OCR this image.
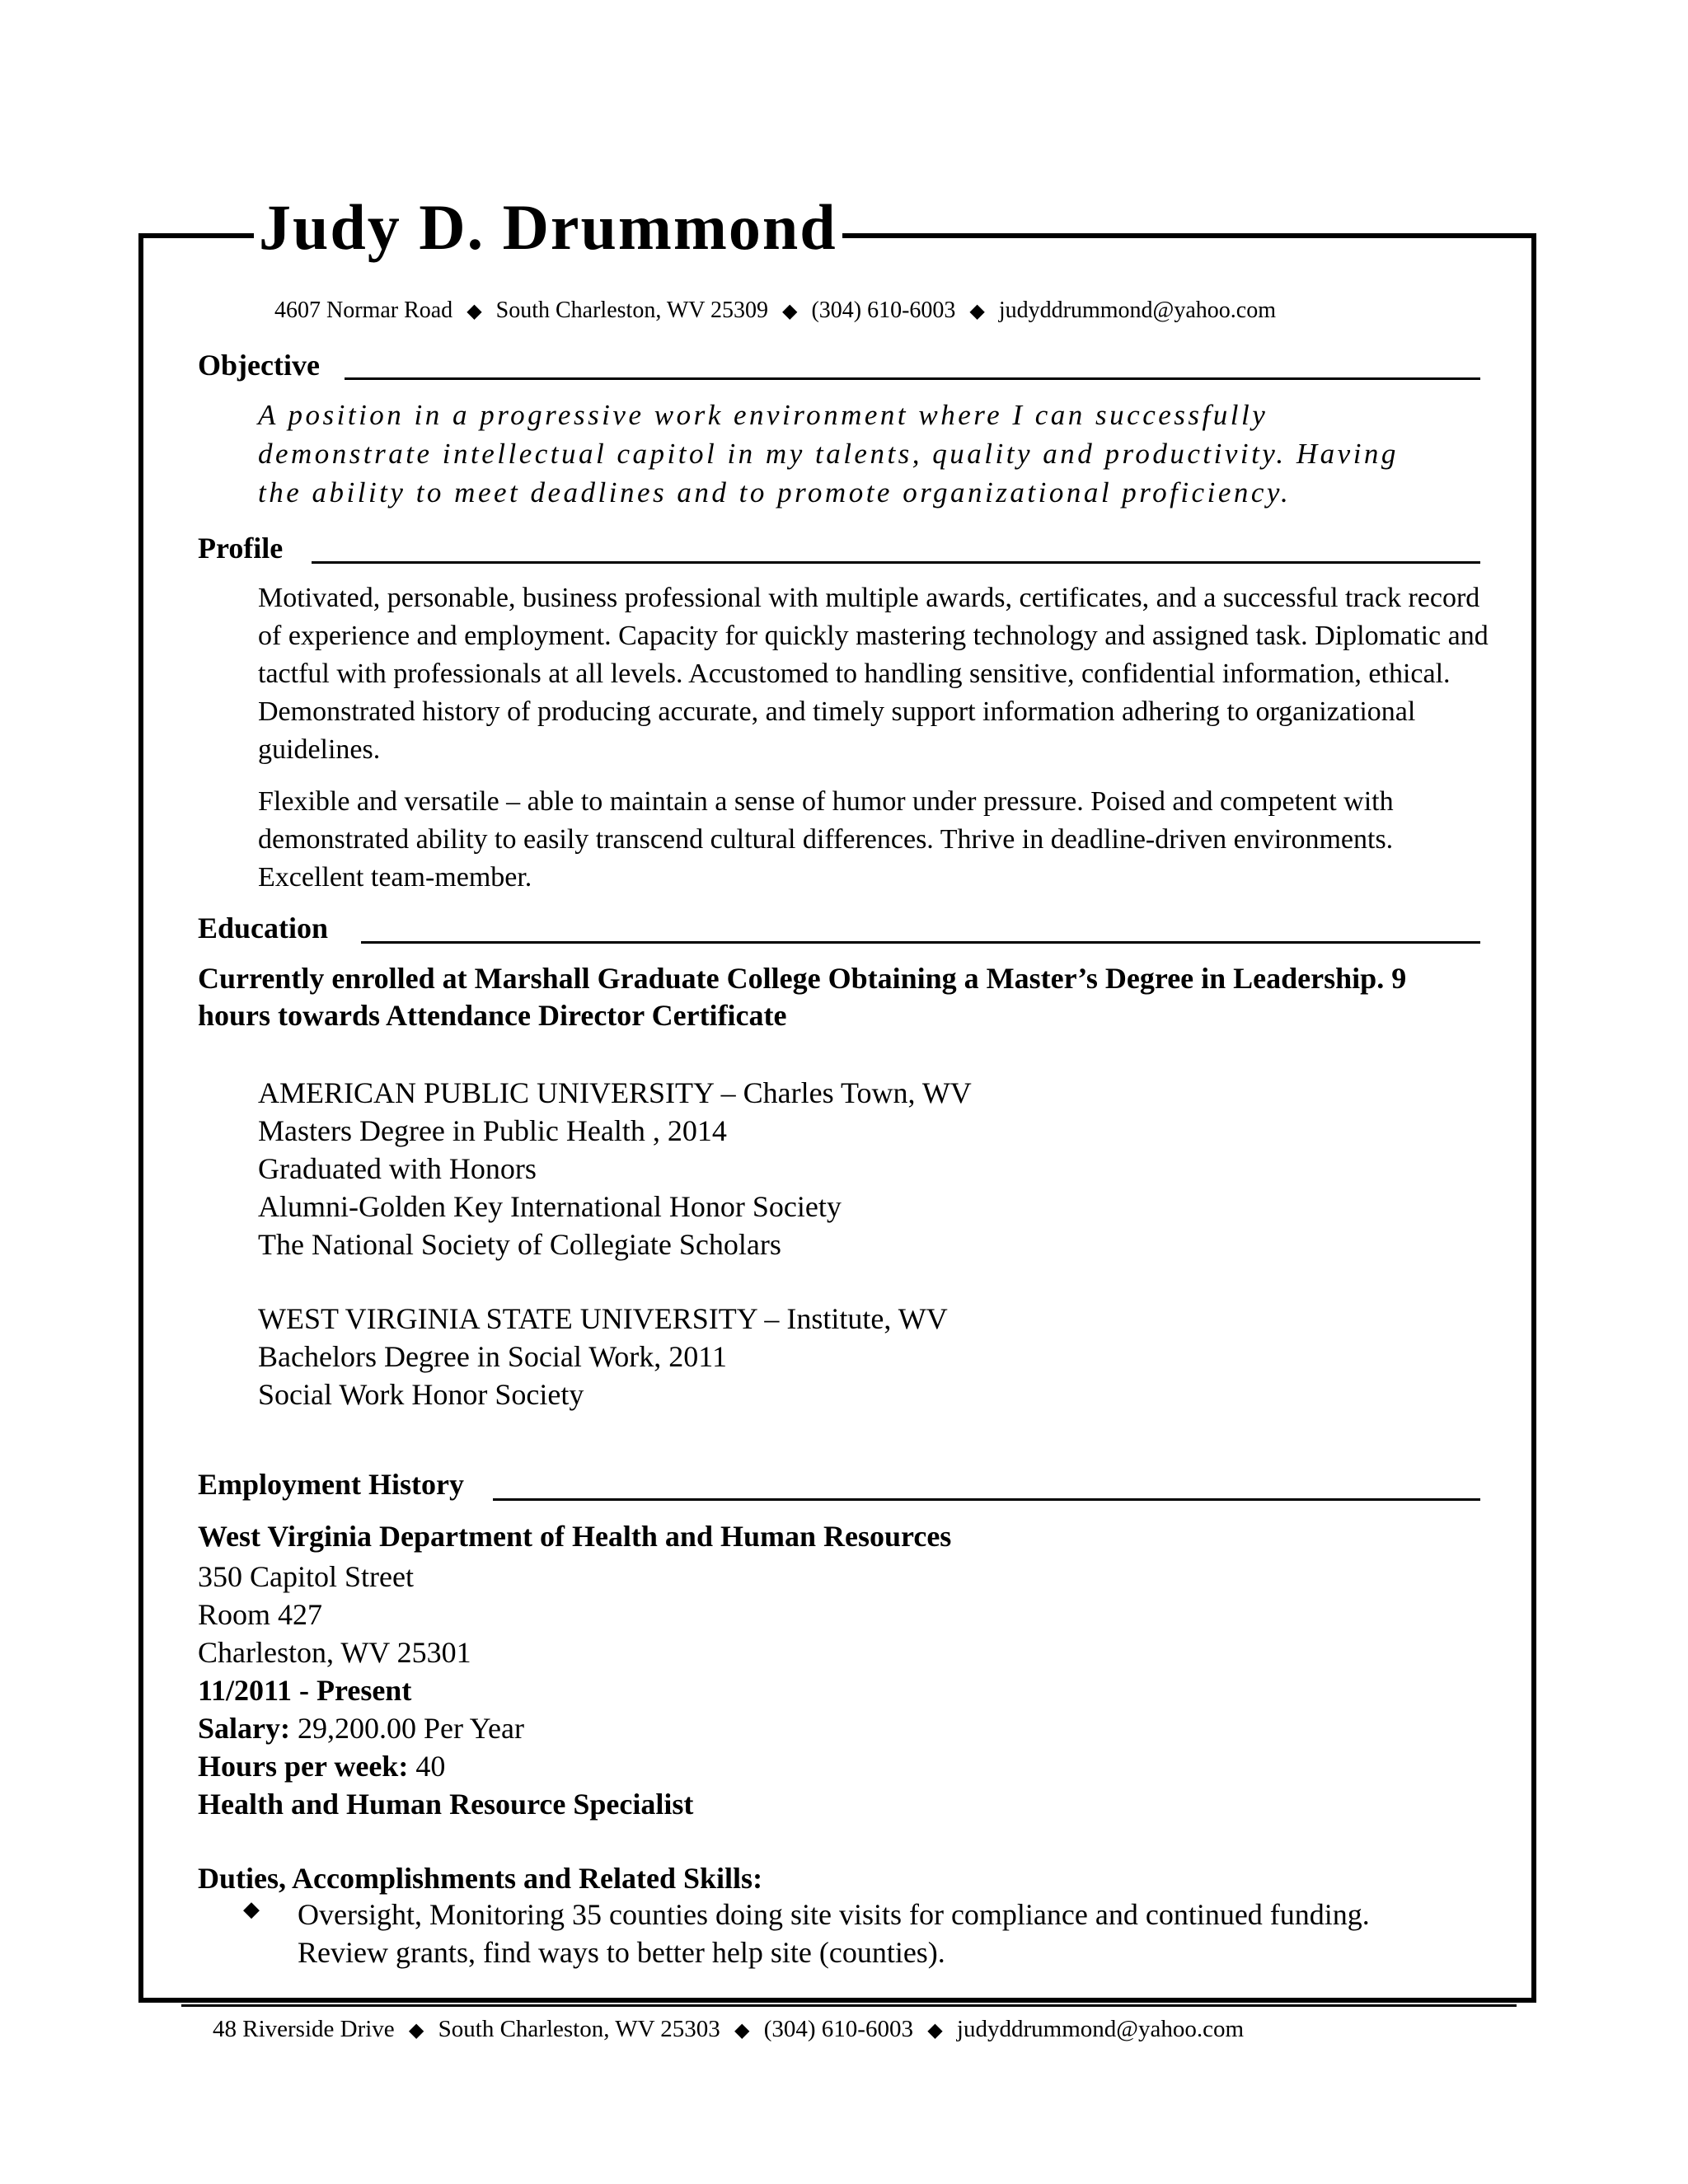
Judy D. Drummond
4607 Normar Road ◆ South Charleston, WV 25309 ◆ (304) 610-6003 ◆ judyddrummond@yahoo.com
Objective

A position in a progressive work environment where I can successfully demonstrate intellectual capitol in my talents, quality and productivity. Having the ability to meet deadlines and to promote organizational proficiency.

Profile

Motivated, personable, business professional with multiple awards, certificates, and a successful track record of experience and employment. Capacity for quickly mastering technology and assigned task. Diplomatic and tactful with professionals at all levels. Accustomed to handling sensitive, confidential information, ethical. Demonstrated history of producing accurate, and timely support information adhering to organizational guidelines.

Flexible and versatile – able to maintain a sense of humor under pressure. Poised and competent with demonstrated ability to easily transcend cultural differences. Thrive in deadline-driven environments. Excellent team-member.

Education

Currently enrolled at Marshall Graduate College Obtaining a Master’s Degree in Leadership. 9 hours towards Attendance Director Certificate

AMERICAN PUBLIC UNIVERSITY – Charles Town, WV
Masters Degree in Public Health , 2014
Graduated with Honors
Alumni-Golden Key International Honor Society
The National Society of Collegiate Scholars
WEST VIRGINIA STATE UNIVERSITY – Institute, WV
Bachelors Degree in Social Work, 2011
Social Work Honor Society
Employment History
West Virginia Department of Health and Human Resources
350 Capitol Street
Room 427
Charleston, WV 25301
11/2011 - Present
Salary: 29,200.00 Per Year
Hours per week: 40
Health and Human Resource Specialist
Duties, Accomplishments and Related Skills:
◆ Oversight, Monitoring 35 counties doing site visits for compliance and continued funding. Review grants, find ways to better help site (counties).

48 Riverside Drive ◆ South Charleston, WV 25303 ◆ (304) 610-6003 ◆ judyddrummond@yahoo.com
